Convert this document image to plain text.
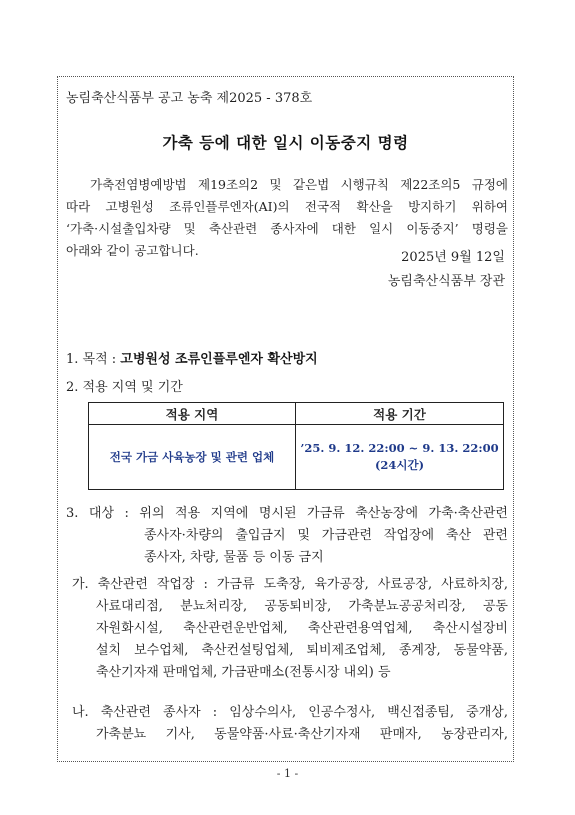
농림축산식품부 공고 농축 제2025 - 378호
가축 등에 대한 일시 이동중지 명령

가축전염병예방법 제19조의2 및 같은법 시행규칙 제22조의5 규정에
따라 고병원성 조류인플루엔자(AI)의 전국적 확산을 방지하기 위하여
‘가축·시설출입차량 및 축산관련 종사자에 대한 일시 이동중지’ 명령을
아래와 같이 공고합니다.	2025년 9월 12일
농림축산식품부 장관
1. 목적 : 고병원성 조류인플루엔자 확산방지
2. 적용 지역 및 기간
적용 지역	적용 기간
전국 가금 사육농장 및 관련 업체	’25. 9. 12. 22:00 ~ 9. 13. 22:00
(24시간)
3. 대상 : 위의 적용 지역에 명시된 가금류 축산농장에 가축·축산관련
종사자·차량의 출입금지 및 가금관련 작업장에 축산 관련
종사자, 차량, 물품 등 이동 금지
가. 축산관련 작업장 : 가금류 도축장, 육가공장, 사료공장, 사료하치장,
사료대리점, 분뇨처리장, 공동퇴비장, 가축분뇨공공처리장, 공동
자원화시설, 축산관련운반업체, 축산관련용역업체, 축산시설장비
설치 보수업체, 축산컨설팅업체, 퇴비제조업체, 종계장, 동물약품,
축산기자재 판매업체, 가금판매소(전통시장 내외) 등
나. 축산관련 종사자 : 임상수의사, 인공수정사, 백신접종팀, 중개상,
가축분뇨 기사, 동물약품·사료·축산기자재 판매자, 농장관리자,
- 1 -
